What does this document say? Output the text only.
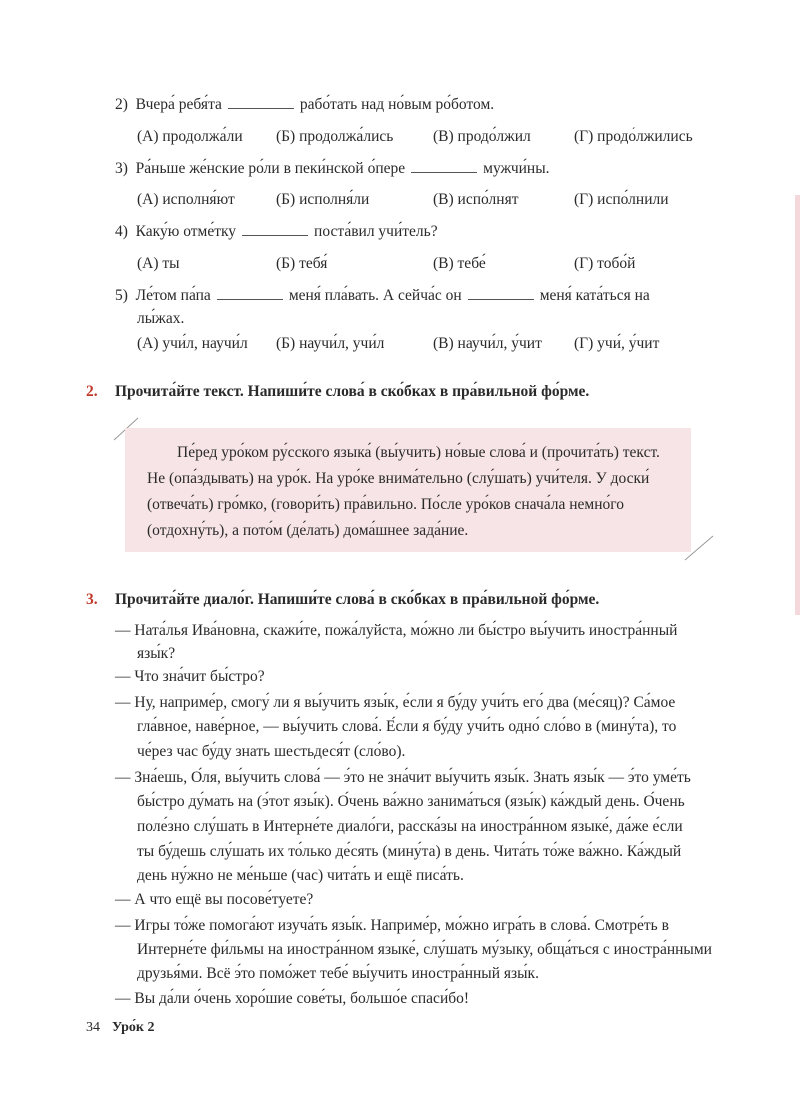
2) Вчера́ ребя́та	рабо́тать над но́вым ро́ботом.
(А) продолжа́ли (Б) продолжа́лись	(В) продо́лжил	(Г) продо́лжились
3) Ра́ньше же́нские ро́ли в пеки́нской о́пере	мужчи́ны.
(А) исполня́ют	(Б) исполня́ли	(В) испо́лнят	(Г) испо́лнили
4) Каку́ю отме́тку	поста́вил учи́тель?
(А) ты	(Б) тебя́	(В) тебе́	(Г) тобо́й
5) Ле́том па́па	меня́ пла́вать. А сейча́с он	меня́ ката́ться на
лы́жах.
(А) учи́л, научи́л (Б) научи́л, учи́л	(В) научи́л, у́чит (Г) учи́, у́чит
2. Прочита́йте текст. Напиши́те слова́ в ско́бках в пра́вильной фо́рме.
Пе́ред уро́ком ру́сского языка́ (вы́учить) но́вые слова́ и (прочита́ть) текст.
Не (опа́здывать) на уро́к. На уро́ке внима́тельно (слу́шать) учи́теля. У доски́
(отвеча́ть) гро́мко, (говори́ть) пра́вильно. По́сле уро́ков снача́ла немно́го
(отдохну́ть), а пото́м (де́лать) дома́шнее зада́ние.
3. Прочита́йте диало́г. Напиши́те слова́ в ско́бках в пра́вильной фо́рме.
— Ната́лья Ива́новна, скажи́те, пожа́луйста, мо́жно ли бы́стро вы́учить иностра́нный
язы́к?
— Что зна́чит бы́стро?
— Ну, наприме́р, смогу́ ли я вы́учить язы́к, е́сли я бу́ду учи́ть его́ два (ме́сяц)? Са́мое
гла́вное, наве́рное, — вы́учить слова́. Е́сли я бу́ду учи́ть одно́ сло́во в (мину́та), то
че́рез час бу́ду знать шестьдеся́т (сло́во).
— Зна́ешь, О́ля, вы́учить слова́ — э́то не зна́чит вы́учить язы́к. Знать язы́к — э́то уме́ть
бы́стро ду́мать на (э́тот язы́к). О́чень ва́жно занима́ться (язы́к) ка́ждый день. О́чень
поле́зно слу́шать в Интерне́те диало́ги, расска́зы на иностра́нном языке́, да́же е́сли
ты бу́дешь слу́шать их то́лько де́сять (мину́та) в день. Чита́ть то́же ва́жно. Ка́ждый
день ну́жно не ме́ньше (час) чита́ть и ещё писа́ть.
— А что ещё вы посове́туете?
— Игры то́же помога́ют изуча́ть язы́к. Наприме́р, мо́жно игра́ть в слова́. Смотре́ть в
Интерне́те фи́льмы на иностра́нном языке́, слу́шать му́зыку, обща́ться с иностра́нными
друзья́ми. Всё э́то помо́жет тебе́ вы́учить иностра́нный язы́к.
— Вы да́ли о́чень хоро́шие сове́ты, большо́е спаси́бо!
34 Уро́к 2
